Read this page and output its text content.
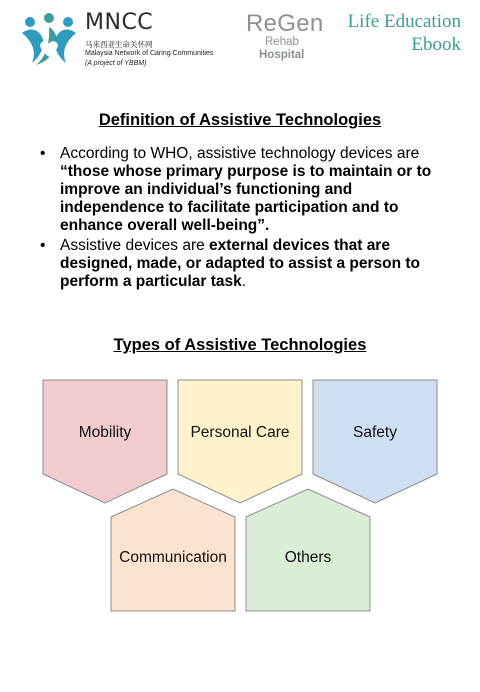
MNCC
马来西亚生命关怀网
Malaysia Network of Caring Communities
(A project of YBBM)
ReGen
Rehab
Hospital
Life Education
Ebook
Definition of Assistive Technologies
• According to WHO, assistive technology devices are “those whose primary purpose is to maintain or to improve an individual’s functioning and independence to facilitate participation and to enhance overall well-being”.
• Assistive devices are external devices that are designed, made, or adapted to assist a person to perform a particular task.
Types of Assistive Technologies
Mobility	Personal Care	Safety
Communication	Others
